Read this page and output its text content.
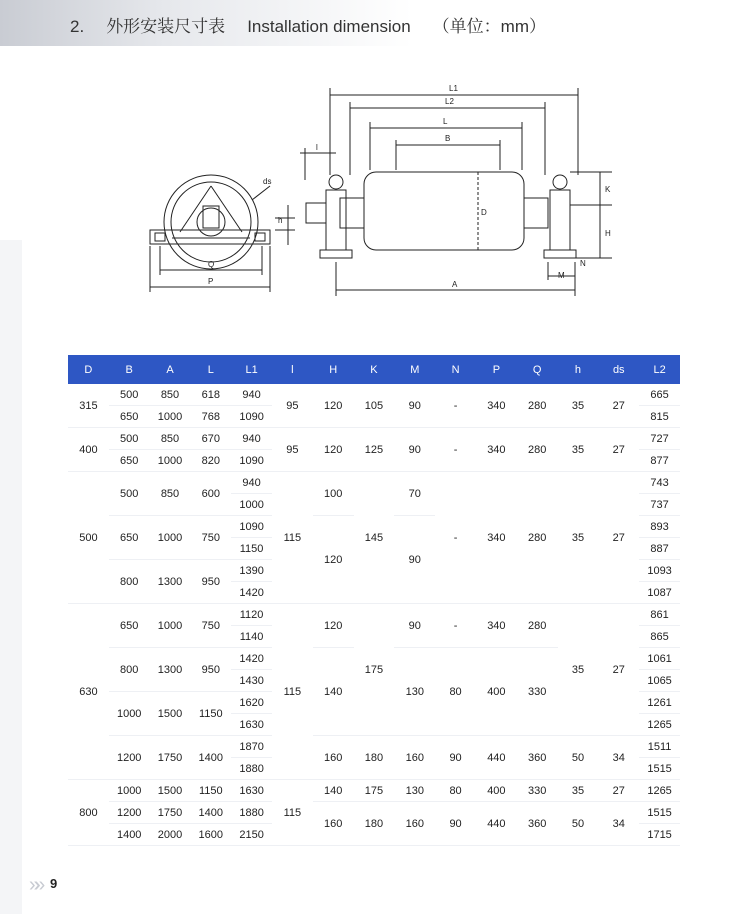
2. 外形安装尺寸表 Installation dimension （单位：mm）
L1
L2
L
B
l
D
K
H
N
M
A
ds
h
Q
P
D	B	A	L	L1	l	H	K	M	N	P	Q	h	ds	L2
315	500	850	618	940	95	120	105	90	-	340	280	35	27	665
	650	1000	768	1090										815
400	500	850	670	940	95	120	125	90	-	340	280	35	27	727
	650	1000	820	1090										877
500	500	850	600	940	115	100	145	70	-	340	280	35	27	743
				1000										737
	650	1000	750	1090		120		90						893
				1150										887
	800	1300	950	1390										1093
				1420										1087
630	650	1000	750	1120	115	120	175	90	-	340	280	35	27	861
				1140										865
	800	1300	950	1420		140		130	80	400	330			1061
				1430										1065
	1000	1500	1150	1620										1261
				1630										1265
	1200	1750	1400	1870		160	180	160	90	440	360	50	34	1511
				1880										1515
800	1000	1500	1150	1630	115	140	175	130	80	400	330	35	27	1265
	1200	1750	1400	1880		160	180	160	90	440	360	50	34	1515
	1400	2000	1600	2150										1715
»» 9
